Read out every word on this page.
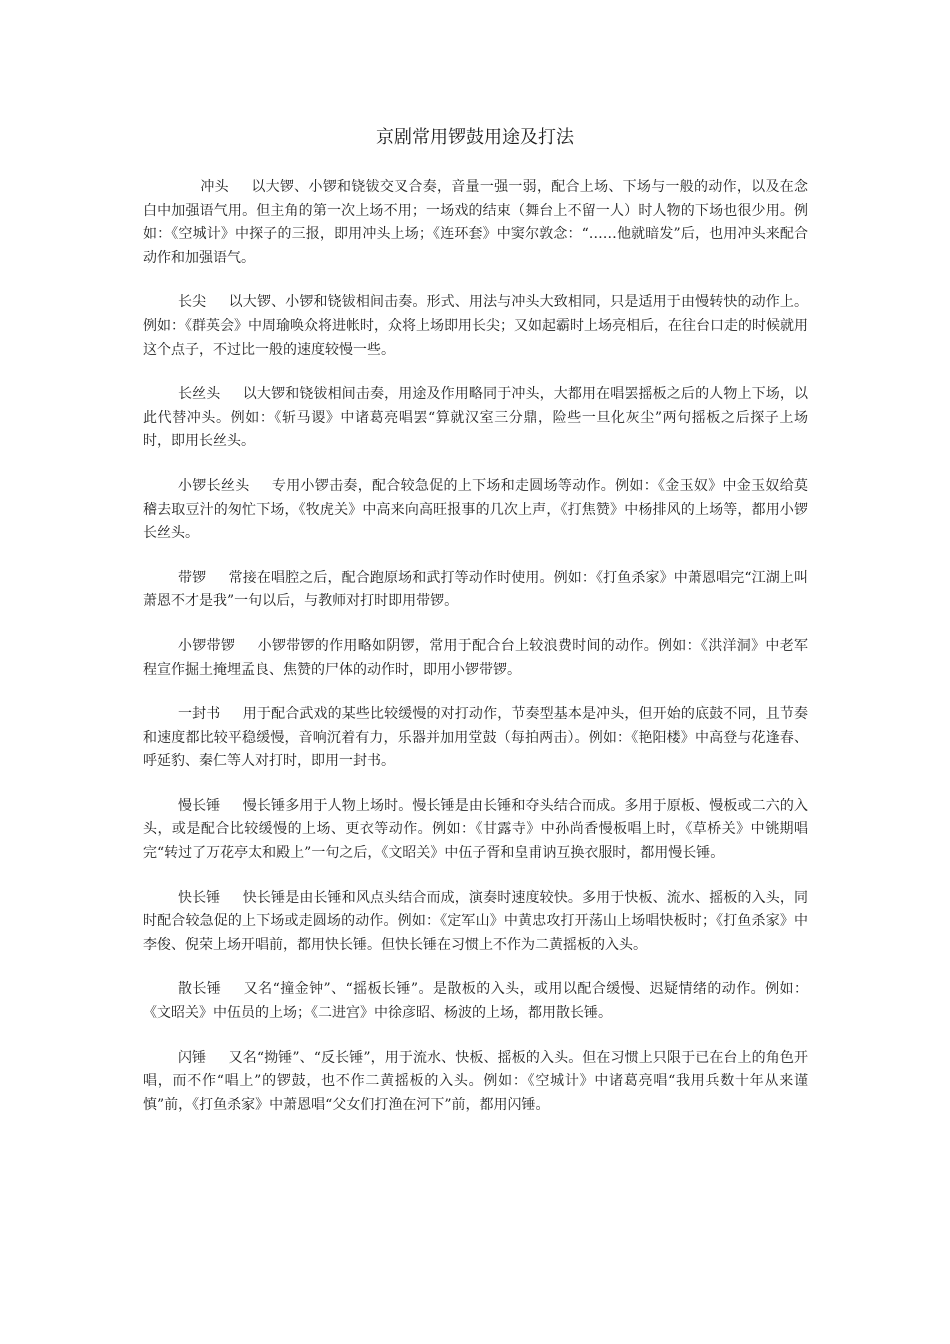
京剧常用锣鼓用途及打法

冲头 以大锣、小锣和铙钹交叉合奏，音量一强一弱，配合上场、下场与一般的动作，以及在念白中加强语气用。但主角的第一次上场不用；一场戏的结束（舞台上不留一人）时人物的下场也很少用。例如：《空城计》中探子的三报，即用冲头上场；《连环套》中窦尔敦念：“……他就暗发”后，也用冲头来配合动作和加强语气。

长尖 以大锣、小锣和铙钹相间击奏。形式、用法与冲头大致相同，只是适用于由慢转快的动作上。例如：《群英会》中周瑜唤众将进帐时，众将上场即用长尖；又如起霸时上场亮相后，在往台口走的时候就用这个点子，不过比一般的速度较慢一些。

长丝头 以大锣和铙钹相间击奏，用途及作用略同于冲头，大都用在唱罢摇板之后的人物上下场，以此代替冲头。例如：《斩马谡》中诸葛亮唱罢“算就汉室三分鼎，险些一旦化灰尘”两句摇板之后探子上场时，即用长丝头。

小锣长丝头 专用小锣击奏，配合较急促的上下场和走圆场等动作。例如：《金玉奴》中金玉奴给莫稽去取豆汁的匆忙下场，《牧虎关》中高来向高旺报事的几次上声，《打焦赞》中杨排风的上场等，都用小锣长丝头。

带锣 常接在唱腔之后，配合跑原场和武打等动作时使用。例如：《打鱼杀家》中萧恩唱完“江湖上叫萧恩不才是我”一句以后，与教师对打时即用带锣。

小锣带锣 小锣带锣的作用略如阴锣，常用于配合台上较浪费时间的动作。例如：《洪洋洞》中老军程宣作掘土掩埋孟良、焦赞的尸体的动作时，即用小锣带锣。

一封书 用于配合武戏的某些比较缓慢的对打动作，节奏型基本是冲头，但开始的底鼓不同，且节奏和速度都比较平稳缓慢，音响沉着有力，乐器并加用堂鼓（每拍两击）。例如：《艳阳楼》中高登与花逢春、呼延豹、秦仁等人对打时，即用一封书。

慢长锤 慢长锤多用于人物上场时。慢长锤是由长锤和夺头结合而成。多用于原板、慢板或二六的入头，或是配合比较缓慢的上场、更衣等动作。例如：《甘露寺》中孙尚香慢板唱上时，《草桥关》中铫期唱完“转过了万花亭太和殿上”一句之后，《文昭关》中伍子胥和皇甫讷互换衣服时，都用慢长锤。

快长锤 快长锤是由长锤和风点头结合而成，演奏时速度较快。多用于快板、流水、摇板的入头，同时配合较急促的上下场或走圆场的动作。例如：《定军山》中黄忠攻打开荡山上场唱快板时；《打鱼杀家》中李俊、倪荣上场开唱前，都用快长锤。但快长锤在习惯上不作为二黄摇板的入头。

散长锤 又名“撞金钟”、“摇板长锤”。是散板的入头，或用以配合缓慢、迟疑情绪的动作。例如：《文昭关》中伍员的上场；《二进宫》中徐彦昭、杨波的上场，都用散长锤。

闪锤 又名“拗锤”、“反长锤”，用于流水、快板、摇板的入头。但在习惯上只限于已在台上的角色开唱，而不作“唱上”的锣鼓，也不作二黄摇板的入头。例如：《空城计》中诸葛亮唱“我用兵数十年从来谨慎”前，《打鱼杀家》中萧恩唱“父女们打渔在河下”前，都用闪锤。
